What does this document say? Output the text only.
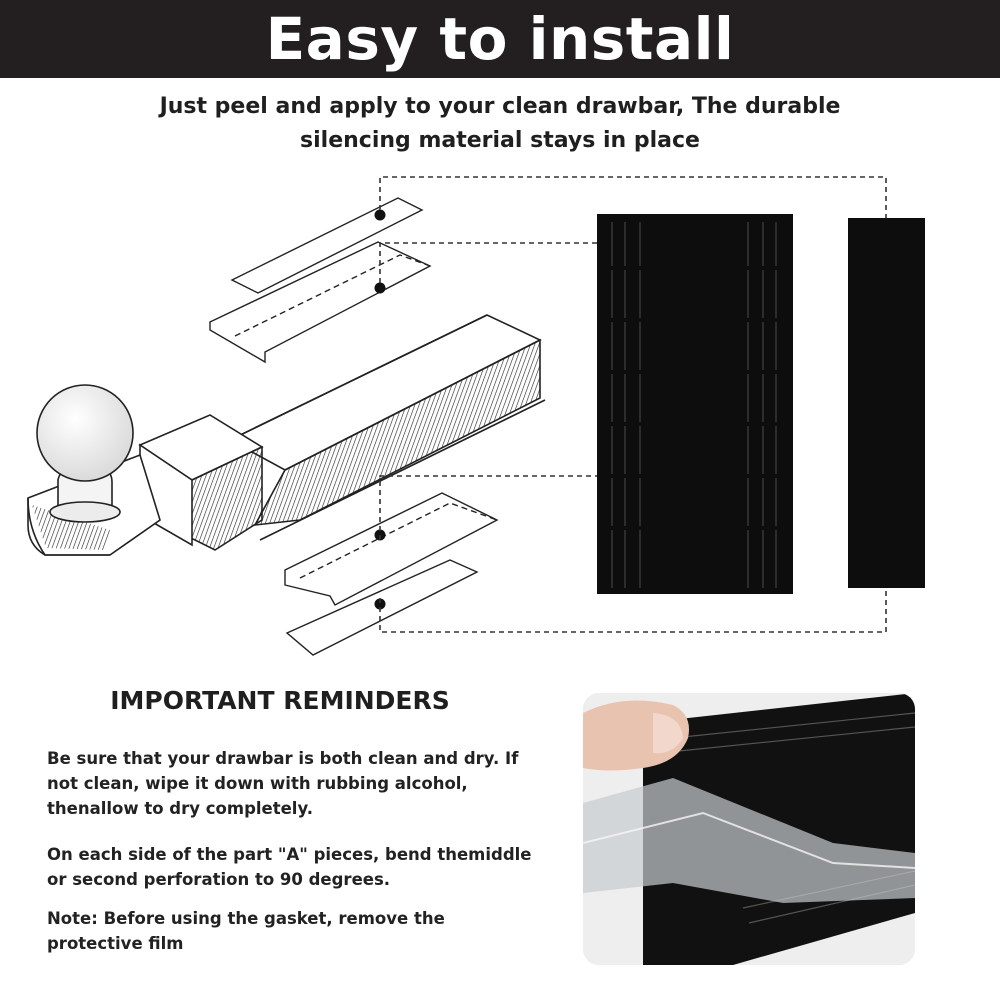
Easy to install
Just peel and apply to your clean drawbar, The durable
silencing material stays in place
IMPORTANT REMINDERS
Be sure that your drawbar is both clean and dry. If
not clean, wipe it down with rubbing alcohol,
thenallow to dry completely.
On each side of the part "A" pieces, bend themiddle
or second perforation to 90 degrees.
Note: Before using the gasket, remove the
protective film
